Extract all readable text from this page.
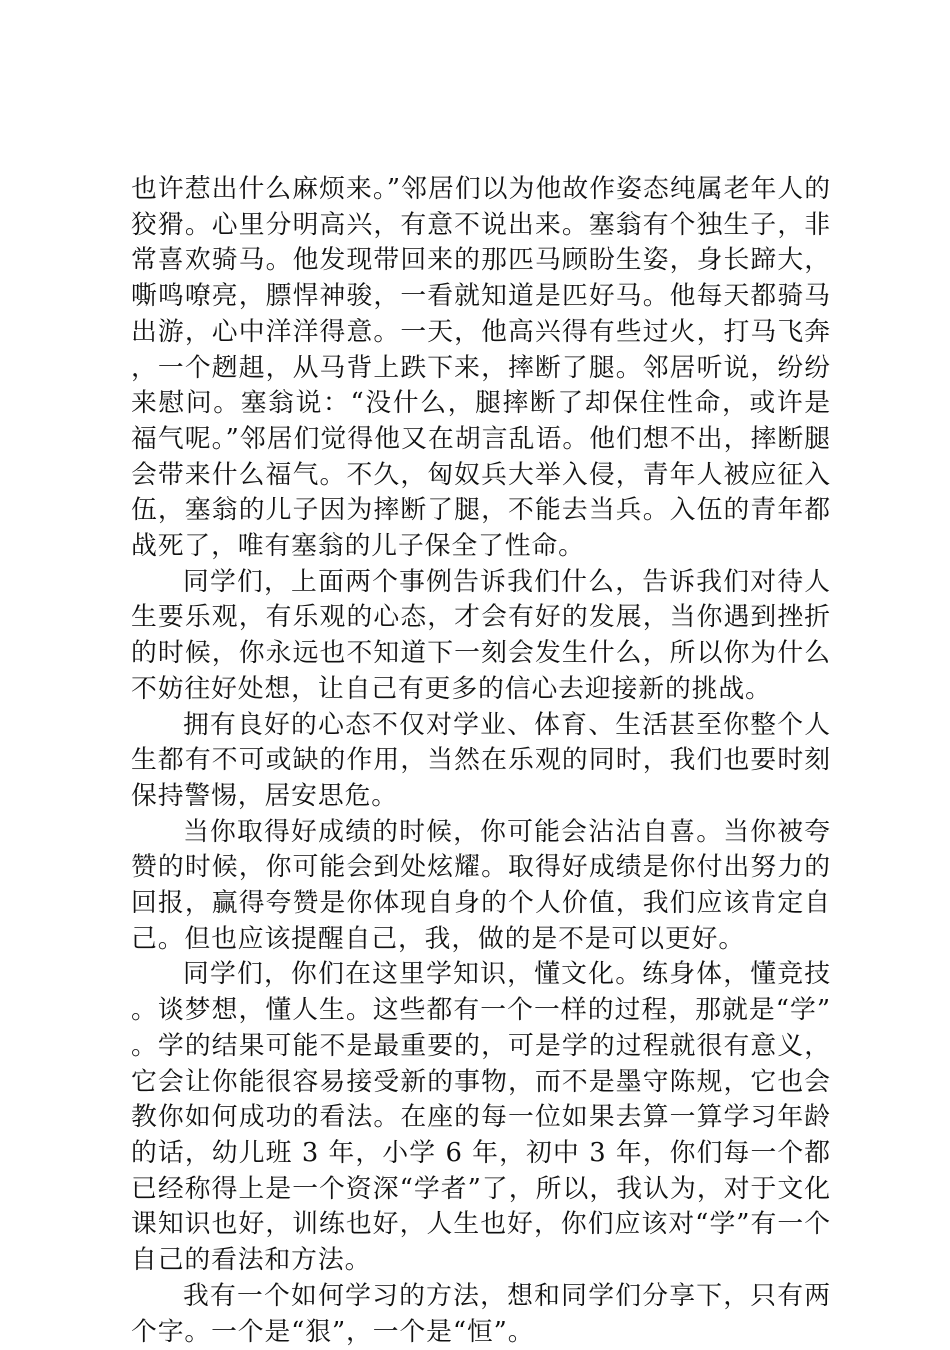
也许惹出什么麻烦来。”邻居们以为他故作姿态纯属老年人的狡猾。心里分明高兴，有意不说出来。塞翁有个独生子，非常喜欢骑马。他发现带回来的那匹马顾盼生姿，身长蹄大，嘶鸣嘹亮，膘悍神骏，一看就知道是匹好马。他每天都骑马出游，心中洋洋得意。一天，他高兴得有些过火，打马飞奔，一个趔趄，从马背上跌下来，摔断了腿。邻居听说，纷纷来慰问。塞翁说：“没什么，腿摔断了却保住性命，或许是福气呢。”邻居们觉得他又在胡言乱语。他们想不出，摔断腿会带来什么福气。不久，匈奴兵大举入侵，青年人被应征入伍，塞翁的儿子因为摔断了腿，不能去当兵。入伍的青年都战死了，唯有塞翁的儿子保全了性命。

同学们，上面两个事例告诉我们什么，告诉我们对待人生要乐观，有乐观的心态，才会有好的发展，当你遇到挫折的时候，你永远也不知道下一刻会发生什么，所以你为什么不妨往好处想，让自己有更多的信心去迎接新的挑战。

拥有良好的心态不仅对学业、体育、生活甚至你整个人生都有不可或缺的作用，当然在乐观的同时，我们也要时刻保持警惕，居安思危。

当你取得好成绩的时候，你可能会沾沾自喜。当你被夸赞的时候，你可能会到处炫耀。取得好成绩是你付出努力的回报，赢得夸赞是你体现自身的个人价值，我们应该肯定自己。但也应该提醒自己，我，做的是不是可以更好。

同学们，你们在这里学知识，懂文化。练身体，懂竞技。谈梦想，懂人生。这些都有一个一样的过程，那就是“学”。学的结果可能不是最重要的，可是学的过程就很有意义，它会让你能很容易接受新的事物，而不是墨守陈规，它也会教你如何成功的看法。在座的每一位如果去算一算学习年龄的话，幼儿班 3 年，小学 6 年，初中 3 年，你们每一个都已经称得上是一个资深“学者”了，所以，我认为，对于文化课知识也好，训练也好，人生也好，你们应该对“学”有一个自己的看法和方法。

我有一个如何学习的方法，想和同学们分享下，只有两个字。一个是“狠”，一个是“恒”。
